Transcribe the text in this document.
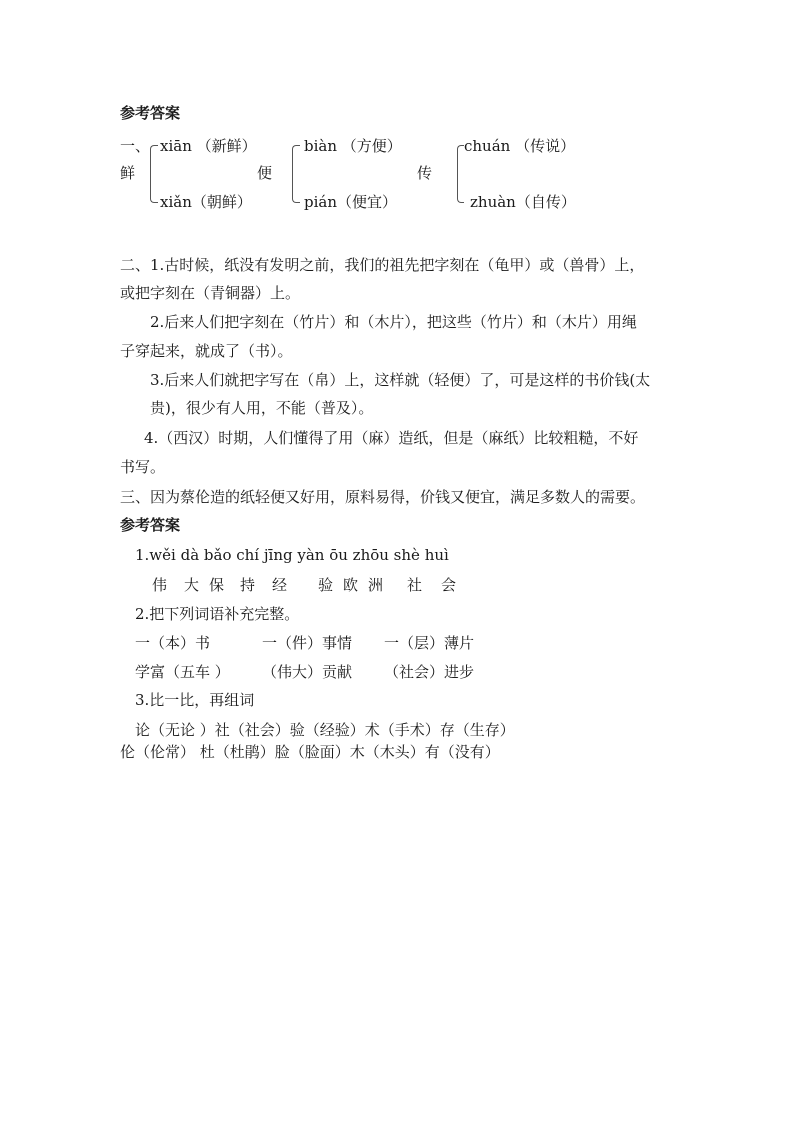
参考答案
一、
鲜
xiān （新鲜）
xiǎn（朝鲜）
便
biàn （方便）
pián（便宜）
传
chuán （传说）
zhuàn（自传）
二、1.古时候，纸没有发明之前，我们的祖先把字刻在（龟甲）或（兽骨）上，
或把字刻在（青铜器）上。
2.后来人们把字刻在（竹片）和（木片），把这些（竹片）和（木片）用绳
子穿起来，就成了（书）。
3.后来人们就把字写在（帛）上，这样就（轻便）了，可是这样的书价钱(太
贵)，很少有人用，不能（普及）。
4.（西汉）时期，人们懂得了用（麻）造纸，但是（麻纸）比较粗糙，不好
书写。
三、因为蔡伦造的纸轻便又好用，原料易得，价钱又便宜，满足多数人的需要。
参考答案
1.wěi dà bǎo chí jīng yàn ōu zhōu shè huì
伟 大 保 持 经 验 欧 洲 社 会
2.把下列词语补充完整。
一（本）书	一（件）事情 一（层）薄片
学富（五车 ） （伟大）贡献 （社会）进步
3.比一比，再组词
论（无论 ）社（社会）验（经验）术（手术）存（生存）
伦（伦常） 杜（杜鹃）脸（脸面）木（木头）有（没有）
